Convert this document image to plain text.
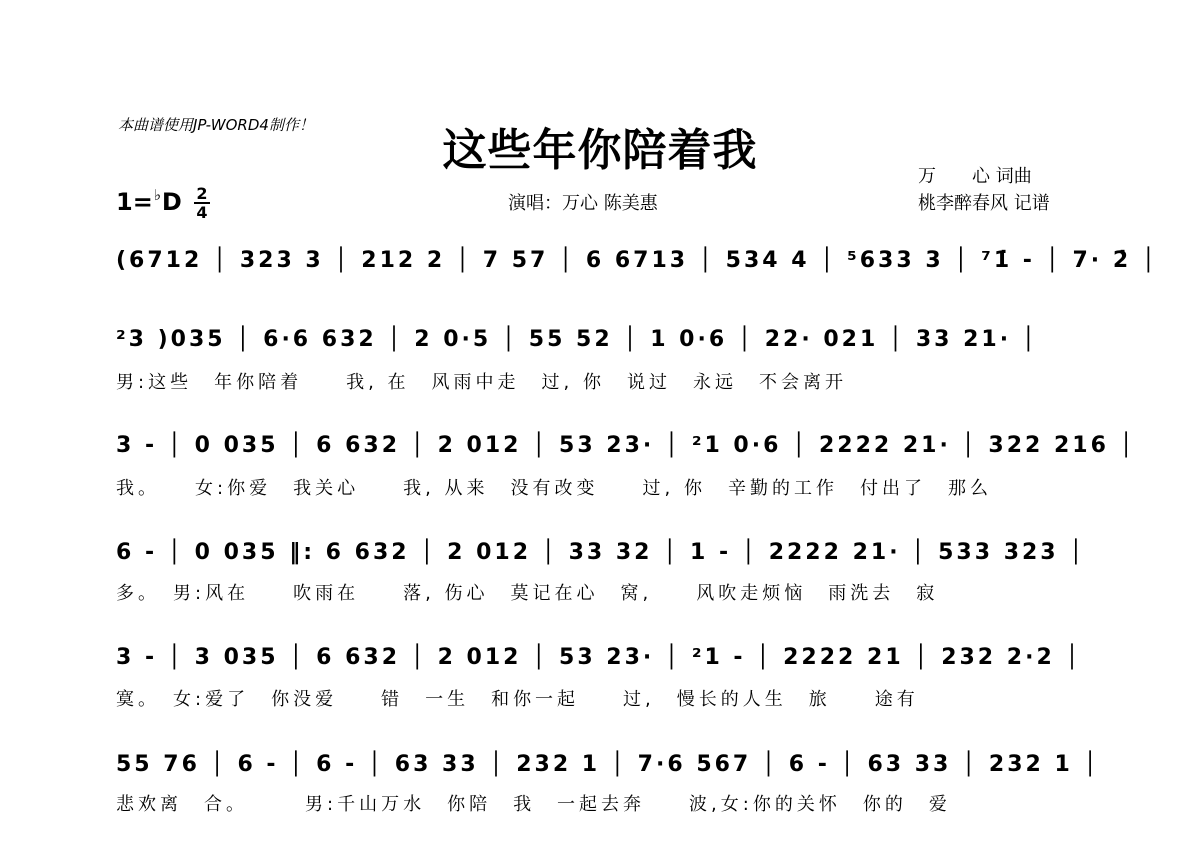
本曲谱使用JP-WORD4制作！	这些年你陪着我
万　　心 词曲
演唱：万心 陈美惠	桃李醉春风 记谱
1=♭D 2
4
(6712 │ 323 3 │ 212 2 │ 7 57 │ 6 6713 │ 534 4 │ ⁵633 3 │ ⁷1̇ - │ 7· 2̇ │
²3 )035 │ 6·6 632 │ 2 0·5 │ 55 52 │ 1 0·6 │ 22· 021 │ 33 21· │
男:这些　年你陪着　　我, 在　风雨中走　过, 你　说过　永远　不会离开
3 - │ 0 035 │ 6 632 │ 2 012 │ 53 23· │ ²1 0·6 │ 2222 21· │ 322 216 │
我。　　女:你爱　我关心　　我, 从来　没有改变　　过, 你　辛勤的工作　付出了　那么
6 - │ 0 035 ‖: 6 632 │ 2 012 │ 33 32 │ 1 - │ 2222 21· │ 533 323 │
多。　男:风在　　吹雨在　　落, 伤心　莫记在心　窝,　　风吹走烦恼　雨洗去　寂
3 - │ 3 035 │ 6 632 │ 2 012 │ 53 23· │ ²1 - │ 2222 21 │ 232 2·2 │
寞。　女:爱了　你没爱　　错　一生　和你一起　　过,　慢长的人生　旅　　途有
55 76 │ 6 - │ 6 - │ 63 33 │ 232 1 │ 7·6 567 │ 6 - │ 63 33 │ 232 1 │
悲欢离　合。　　　男:千山万水　你陪　我　一起去奔　　波,女:你的关怀　你的　爱
